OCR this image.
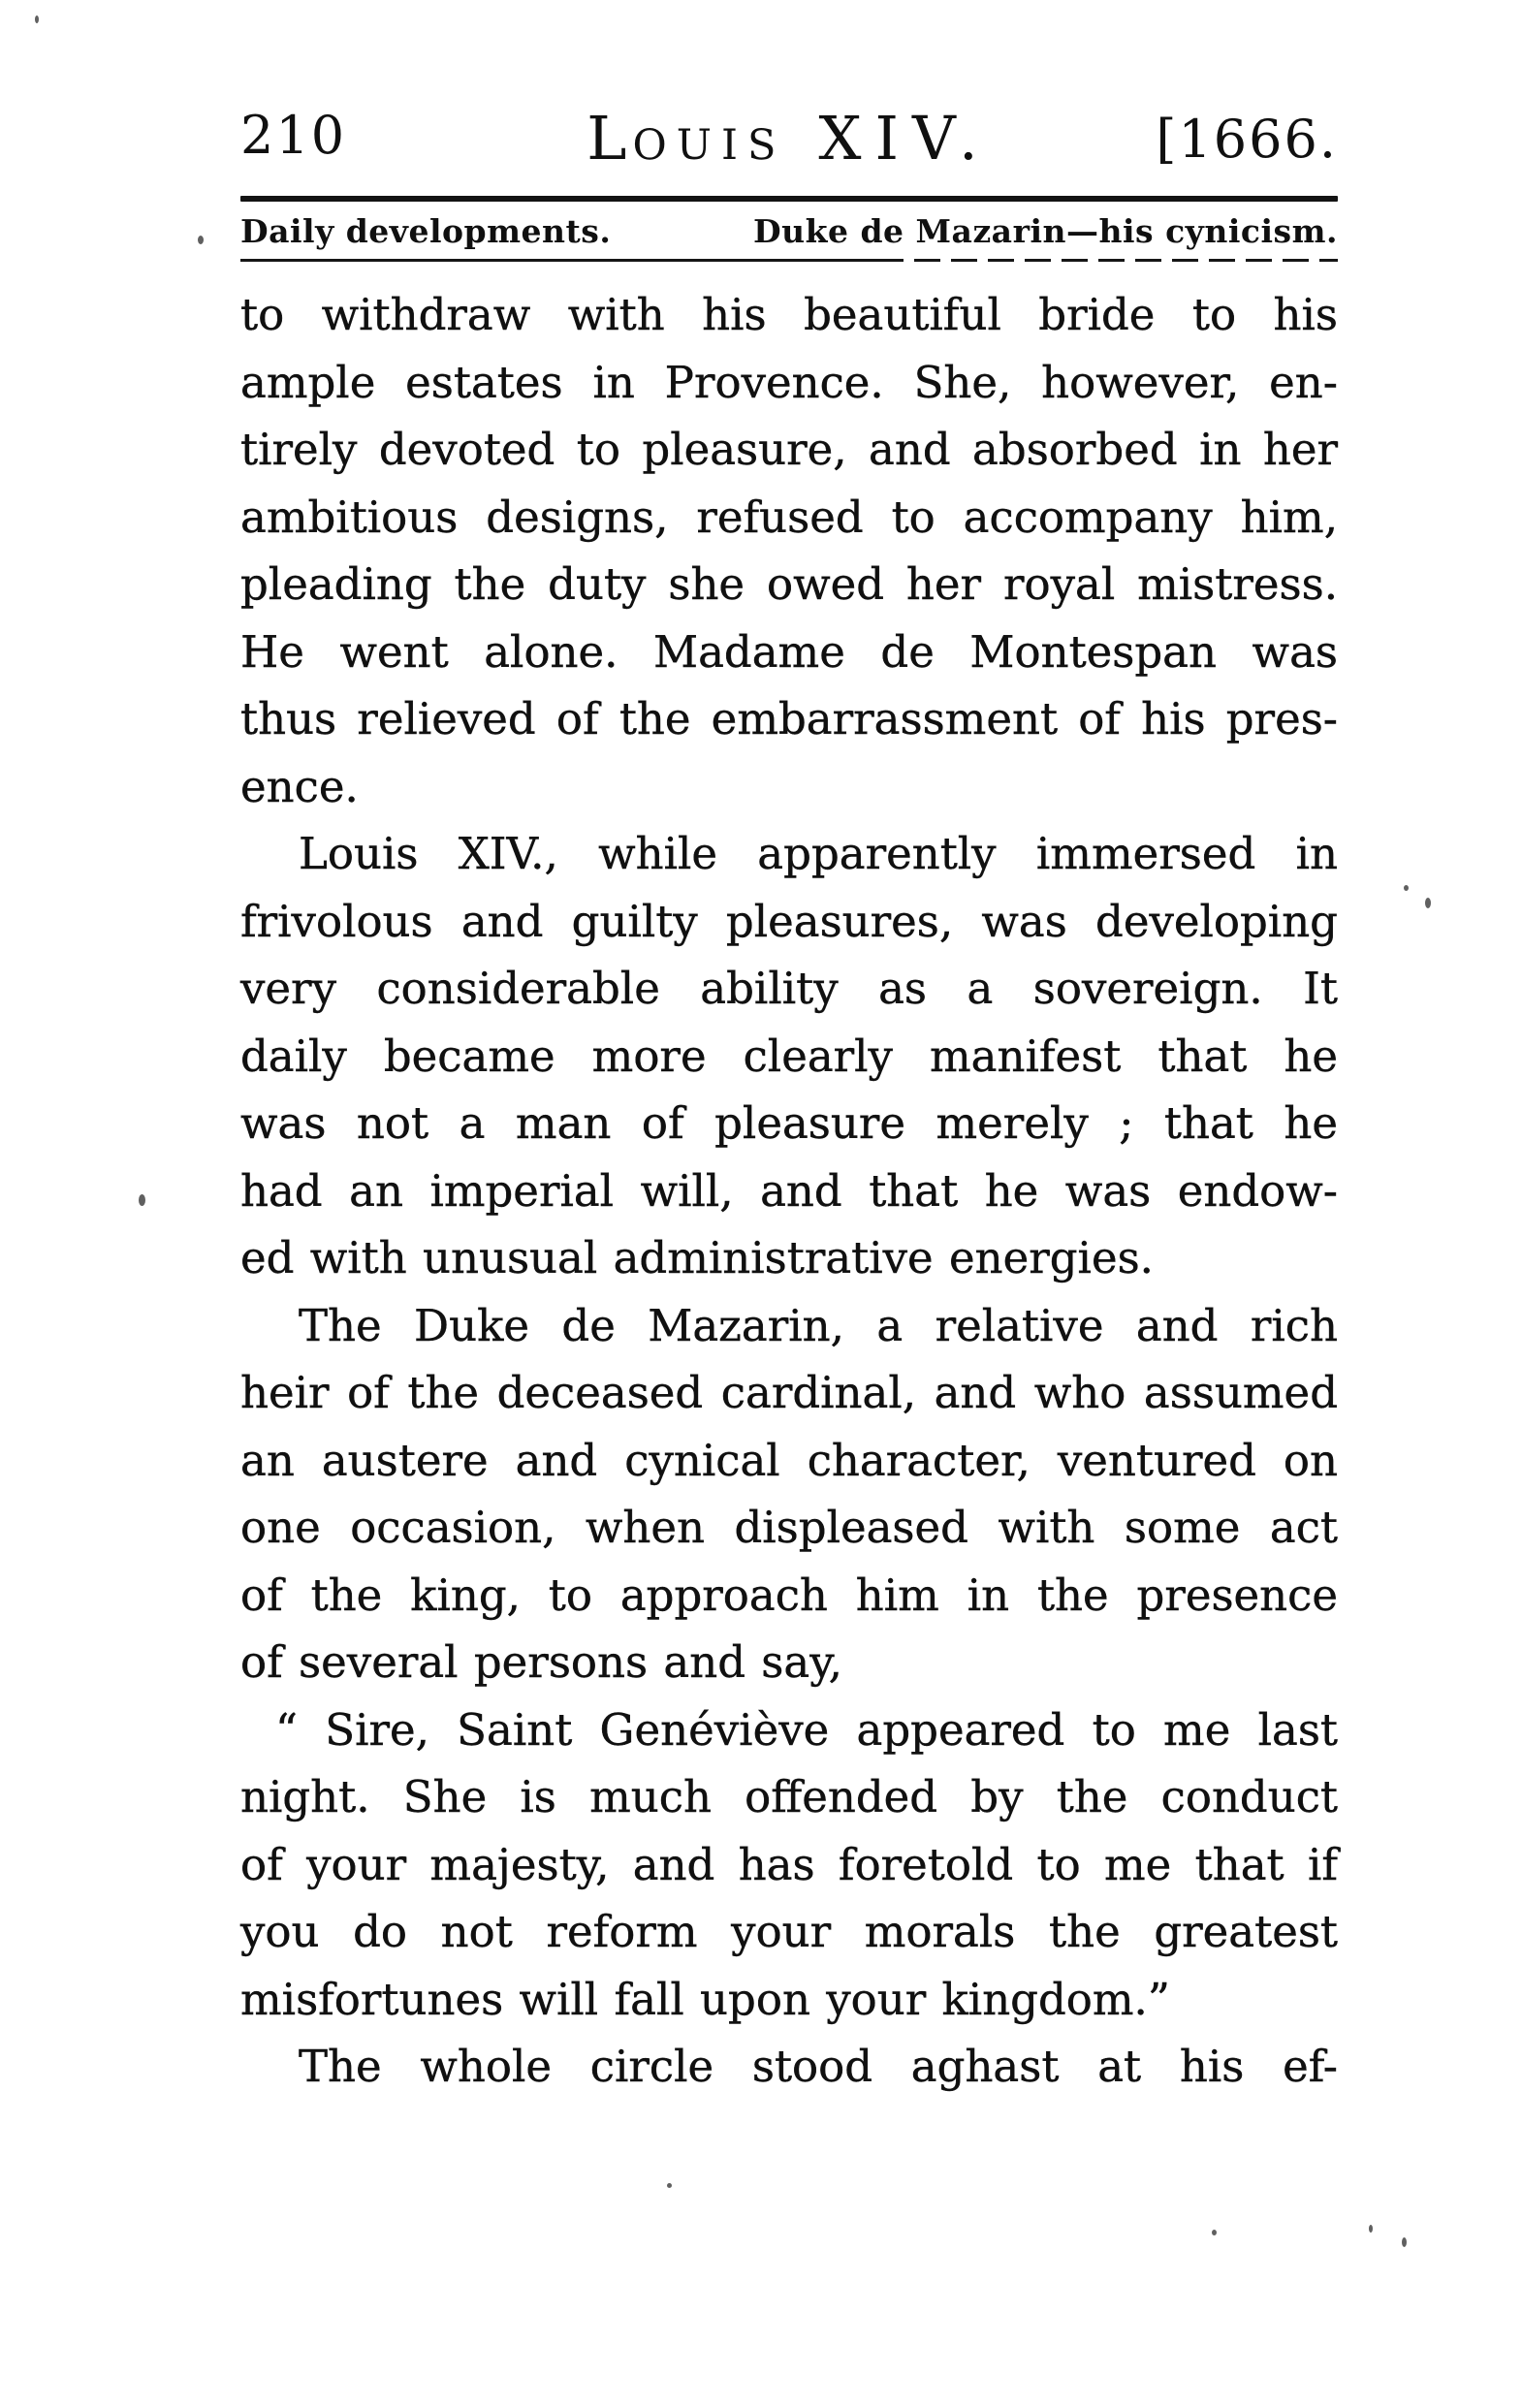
210	L OUIS XIV.	[1666.
Daily developments.	Duke de Mazarin—his cynicism.
to withdraw with his beautiful bride to his
ample estates in Provence. She, however, en-
tirely devoted to pleasure, and absorbed in her
ambitious designs, refused to accompany him,
pleading the duty she owed her royal mistress.
He went alone. Madame de Montespan was
thus relieved of the embarrassment of his pres-
ence.
Louis XIV., while apparently immersed in
frivolous and guilty pleasures, was developing
very considerable ability as a sovereign. It
daily became more clearly manifest that he
was not a man of pleasure merely ; that he
had an imperial will, and that he was endow-
ed with unusual administrative energies.
The Duke de Mazarin, a relative and rich
heir of the deceased cardinal, and who assumed
an austere and cynical character, ventured on
one occasion, when displeased with some act
of the king, to approach him in the presence
of several persons and say,
“ Sire, Saint Genéviève appeared to me last
night. She is much offended by the conduct
of your majesty, and has foretold to me that if
you do not reform your morals the greatest
misfortunes will fall upon your kingdom.”
The whole circle stood aghast at his ef-
